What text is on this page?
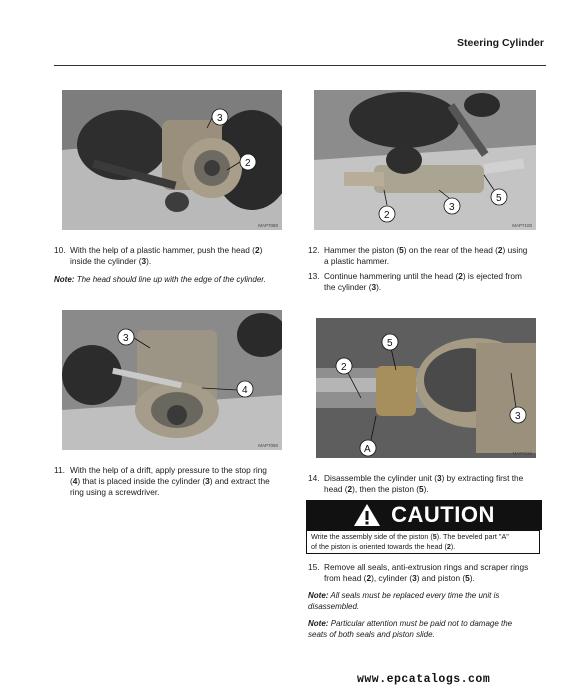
Steering Cylinder
3
2
MAP7080
2
3
5
MAP7100
10. With the help of a plastic hammer, push the head (2)
inside the cylinder (3).
Note: The head should line up with the edge of the cylinder.
12. Hammer the piston (5) on the rear of the head (2) using
a plastic hammer.
13. Continue hammering until the head (2) is ejected from
the cylinder (3).
3
4
MAP7090
5
2
3
A	MAP7110
11. With the help of a drift, apply pressure to the stop ring
(4) that is placed inside the cylinder (3) and extract the
ring using a screwdriver.
14. Disassemble the cylinder unit (3) by extracting first the
head (2), then the piston (5).
CAUTION
Write the assembly side of the piston (5). The beveled part "A"
of the piston is oriented towards the head (2).
15. Remove all seals, anti-extrusion rings and scraper rings
from head (2), cylinder (3) and piston (5).
Note: All seals must be replaced every time the unit is
disassembled.
Note: Particular attention must be paid not to damage the
seats of both seals and piston slide.
www.epcatalogs.com
